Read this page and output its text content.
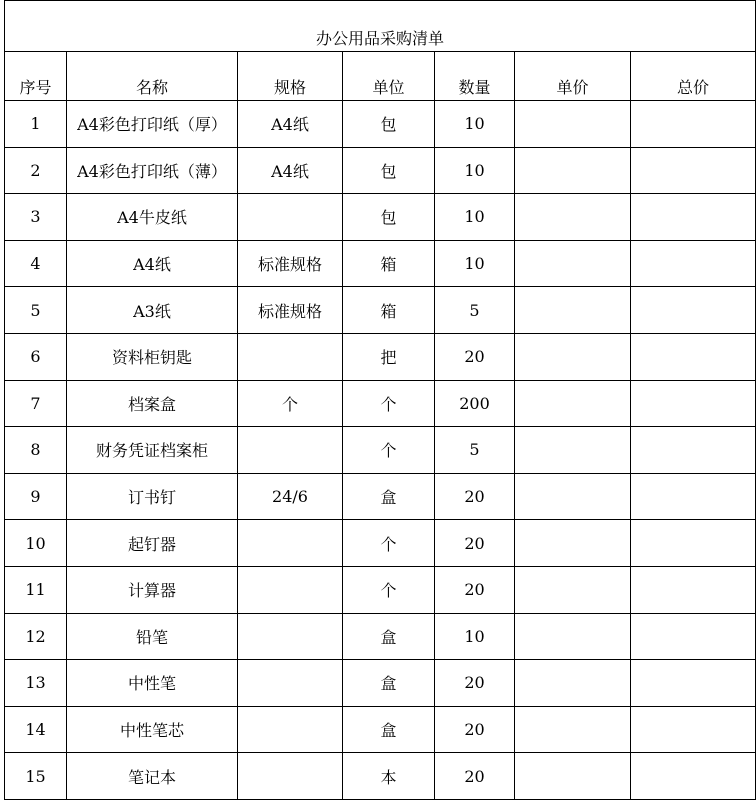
办公用品采购清单						
序号	名称	规格	单位	数量	单价	总价
1	A4彩色打印纸（厚）	A4纸	包	10		
2	A4彩色打印纸（薄）	A4纸	包	10		
3	A4牛皮纸		包	10		
4	A4纸	标准规格	箱	10		
5	A3纸	标准规格	箱	5		
6	资料柜钥匙		把	20		
7	档案盒	个	个	200		
8	财务凭证档案柜		个	5		
9	订书钉	24/6	盒	20		
10	起钉器		个	20		
11	计算器		个	20		
12	铅笔		盒	10		
13	中性笔		盒	20		
14	中性笔芯		盒	20		
15	笔记本		本	20		
